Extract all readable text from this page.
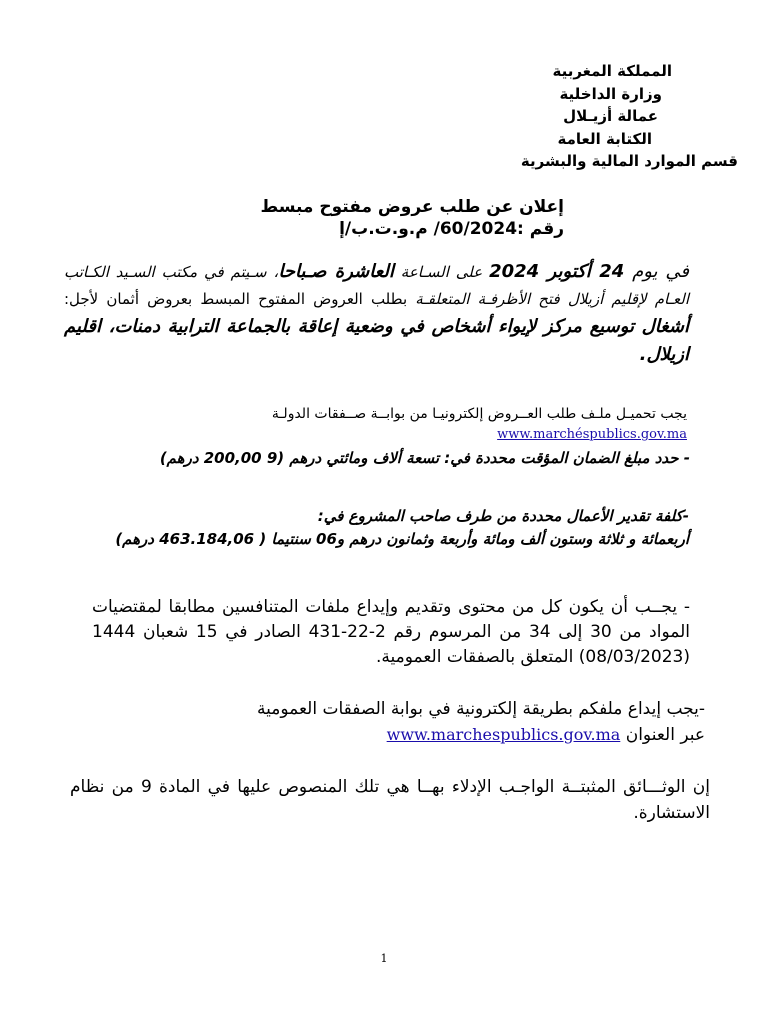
المملكة المغربية
وزارة الداخلية
عمالة أزيـلال
الكتابة العامة
قسم الموارد المالية والبشرية
إعلان عن طلب عروض مفتوح مبسط
رقم :60/2024/ م.و.ت.ب/إ
في يوم 24 أكتوبر 2024 على السـاعة العاشرة صـباحا، سـيتم في مكتب السـيد الكـاتب العـام لإقليم أزيلال فتح الأظرفـة المتعلقـة بطلب العروض المفتوح المبسط بعروض أثمان لأجل: أشغال توسيع مركز لإيواء أشخاص في وضعية إعاقة بالجماعة الترابية دمنات، اقليم ازيلال.
يجب تحميـل ملـف طلب العــروض إلكترونيـا من بوابــة صــفقات الدولـة
www.marchéspublics.gov.ma
- حدد مبلغ الضمان المؤقت محددة في: تسعة ألاف ومائتي درهم (9 200,00 درهم)
-كلفة تقدير الأعمال محددة من طرف صاحب المشروع في:
أربعمائة و ثلاثة وستون ألف ومائة وأربعة وثمانون درهم و06 سنتيما ( 463.184,06 درهم)
- يجــب أن يكون كل من محتوى وتقديم وإيداع ملفات المتنافسين مطابقا لمقتضيات المواد من 30 إلى 34 من المرسوم رقم 2-22-431 الصادر في 15 شعبان 1444 (08/03/2023) المتعلق بالصفقات العمومية.
-يجب إيداع ملفكم بطريقة إلكترونية في بوابة الصفقات العمومية
عبر العنوان www.marchespublics.gov.ma
إن الوثـــائق المثبتــة الواجـب الإدلاء بهــا هي تلك المنصوص عليها في المادة 9 من نظام الاستشارة.
1
